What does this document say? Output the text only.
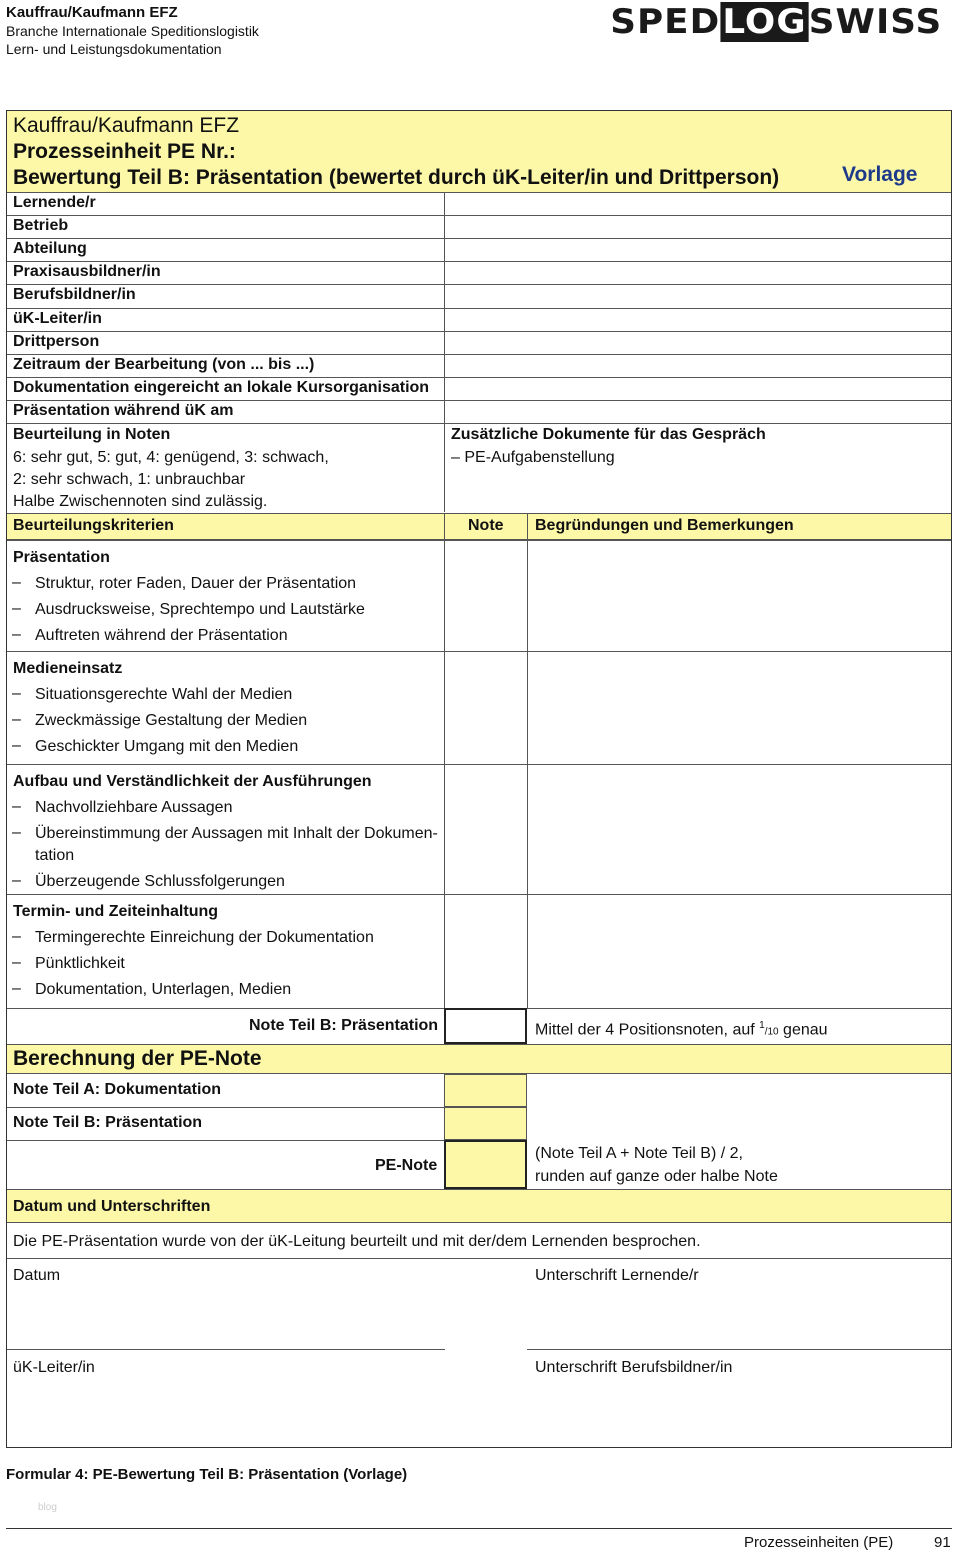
Kauffrau/Kaufmann EFZ
Branche Internationale Speditionslogistik
Lern- und Leistungsdokumentation
SPEDLOGSWISS
Kauffrau/Kaufmann EFZ
Prozesseinheit PE Nr.:
Bewertung Teil B: Präsentation (bewertet durch üK-Leiter/in und Drittperson)	Vorlage
Lernende/r
Betrieb
Abteilung
Praxisausbildner/in
Berufsbildner/in
üK-Leiter/in
Drittperson
Zeitraum der Bearbeitung (von ... bis ...)
Dokumentation eingereicht an lokale Kursorganisation
Präsentation während üK am
Beurteilung in Noten
6: sehr gut, 5: gut, 4: genügend, 3: schwach,
2: sehr schwach, 1: unbrauchbar
Halbe Zwischennoten sind zulässig.
Zusätzliche Dokumente für das Gespräch
– PE-Aufgabenstellung
Beurteilungskriterien	Note Begründungen und Bemerkungen
Präsentation
– Struktur, roter Faden, Dauer der Präsentation
– Ausdrucksweise, Sprechtempo und Lautstärke
– Auftreten während der Präsentation
Medieneinsatz
– Situationsgerechte Wahl der Medien
– Zweckmässige Gestaltung der Medien
– Geschickter Umgang mit den Medien
Aufbau und Verständlichkeit der Ausführungen
– Nachvollziehbare Aussagen
– Übereinstimmung der Aussagen mit Inhalt der Dokumen-
tation
– Überzeugende Schlussfolgerungen
Termin- und Zeiteinhaltung
– Termingerechte Einreichung der Dokumentation
– Pünktlichkeit
– Dokumentation, Unterlagen, Medien
Note Teil B: Präsentation	Mittel der 4 Positionsnoten, auf $^1$/10 genau
Berechnung der PE-Note
Note Teil A: Dokumentation
Note Teil B: Präsentation
PE-Note
(Note Teil A + Note Teil B) / 2,
runden auf ganze oder halbe Note
Datum und Unterschriften
Die PE-Präsentation wurde von der üK-Leitung beurteilt und mit der/dem Lernenden besprochen.
Datum	Unterschrift Lernende/r
üK-Leiter/in	Unterschrift Berufsbildner/in
Formular 4: PE-Bewertung Teil B: Präsentation (Vorlage)
blog
Prozesseinheiten (PE)	91
